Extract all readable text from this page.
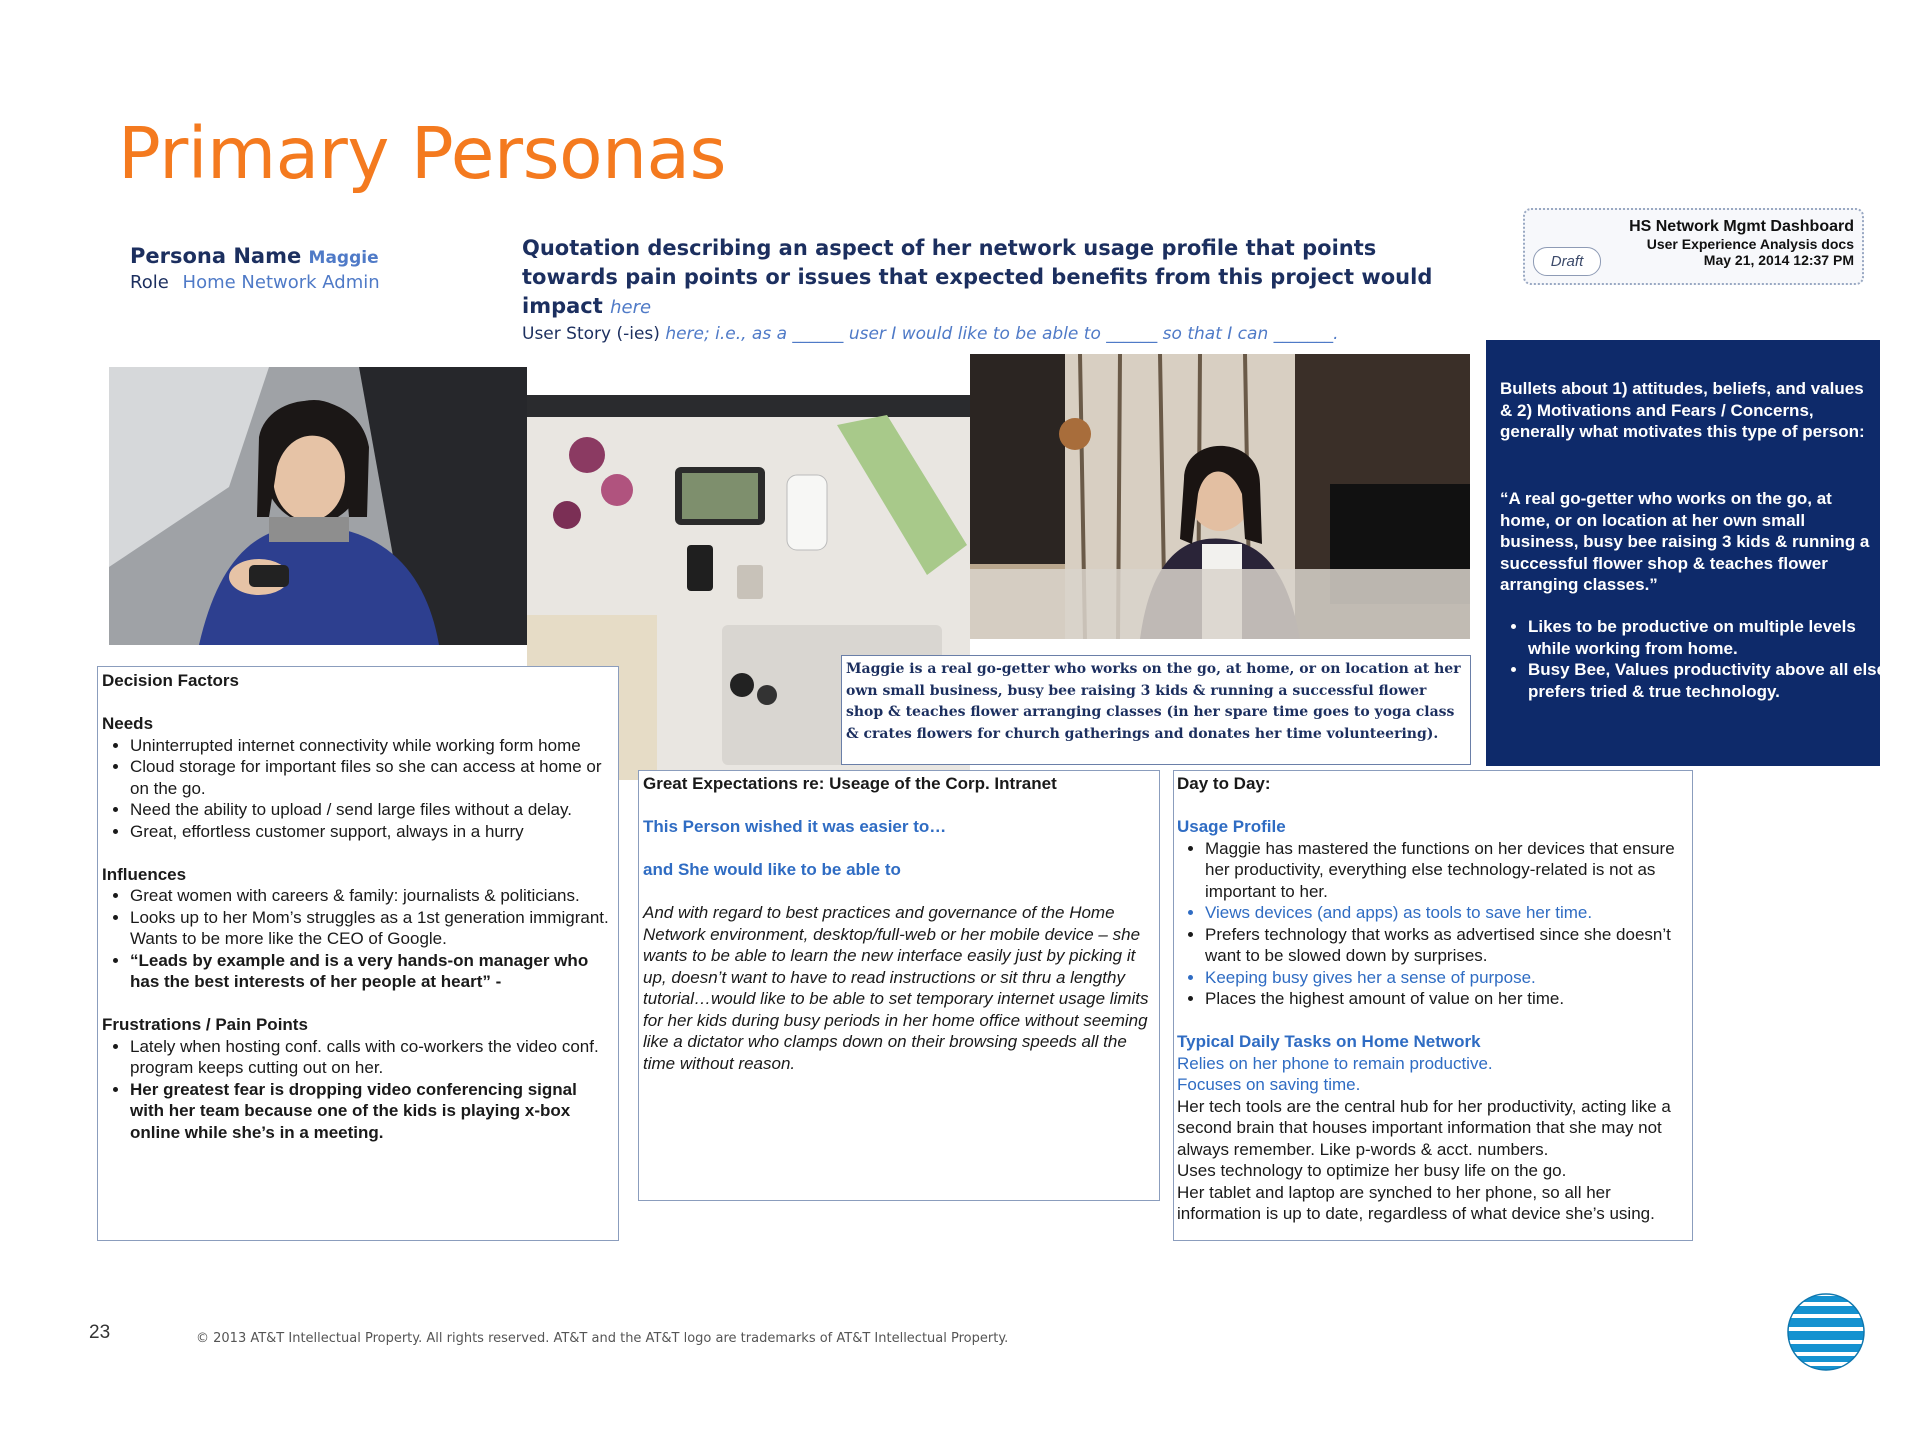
Primary Personas
Persona Name Maggie
Role Home Network Admin
Quotation describing an aspect of her network usage profile that points towards pain points or issues that expected benefits from this project would impact here
User Story (-ies) here; i.e., as a ______ user I would like to be able to ______ so that I can _______.
Draft
HS Network Mgmt Dashboard
User Experience Analysis docs
May 21, 2014 12:37 PM
Bullets about 1) attitudes, beliefs, and values & 2) Motivations and Fears / Concerns, generally what motivates this type of person:
“A real go-getter who works on the go, at home, or on location at her own small business, busy bee raising 3 kids & running a successful flower shop & teaches flower arranging classes.”
• Likes to be productive on multiple levels while working from home.
• Busy Bee, Values productivity above all else, prefers tried & true technology.
Maggie is a real go-getter who works on the go, at home, or on location at her own small business, busy bee raising 3 kids & running a successful flower shop & teaches flower arranging classes (in her spare time goes to yoga class & crates flowers for church gatherings and donates her time volunteering).
Decision Factors
Needs
• Uninterrupted internet connectivity while working form home
• Cloud storage for important files so she can access at home or on the go.
• Need the ability to upload / send large files without a delay.
• Great, effortless customer support, always in a hurry
Influences
• Great women with careers & family: journalists & politicians.
• Looks up to her Mom’s struggles as a 1st generation immigrant. Wants to be more like the CEO of Google.
• “Leads by example and is a very hands-on manager who has the best interests of her people at heart” -
Frustrations / Pain Points
• Lately when hosting conf. calls with co-workers the video conf. program keeps cutting out on her.
• Her greatest fear is dropping video conferencing signal with her team because one of the kids is playing x-box online while she’s in a meeting.
Great Expectations re: Useage of the Corp. Intranet
This Person wished it was easier to…
and She would like to be able to
And with regard to best practices and governance of the Home Network environment, desktop/full-web or her mobile device – she wants to be able to learn the new interface easily just by picking it up, doesn’t want to have to read instructions or sit thru a lengthy tutorial…would like to be able to set temporary internet usage limits for her kids during busy periods in her home office without seeming like a dictator who clamps down on their browsing speeds all the time without reason.
Day to Day:
Usage Profile
• Maggie has mastered the functions on her devices that ensure her productivity, everything else technology-related is not as important to her.
• Views devices (and apps) as tools to save her time.
• Prefers technology that works as advertised since she doesn’t want to be slowed down by surprises.
• Keeping busy gives her a sense of purpose.
• Places the highest amount of value on her time.
Typical Daily Tasks on Home Network
Relies on her phone to remain productive.
Focuses on saving time.
Her tech tools are the central hub for her productivity, acting like a second brain that houses important information that she may not always remember. Like p-words & acct. numbers.
Uses technology to optimize her busy life on the go.
Her tablet and laptop are synched to her phone, so all her information is up to date, regardless of what device she’s using.
23	© 2013 AT&T Intellectual Property. All rights reserved. AT&T and the AT&T logo are trademarks of AT&T Intellectual Property.
